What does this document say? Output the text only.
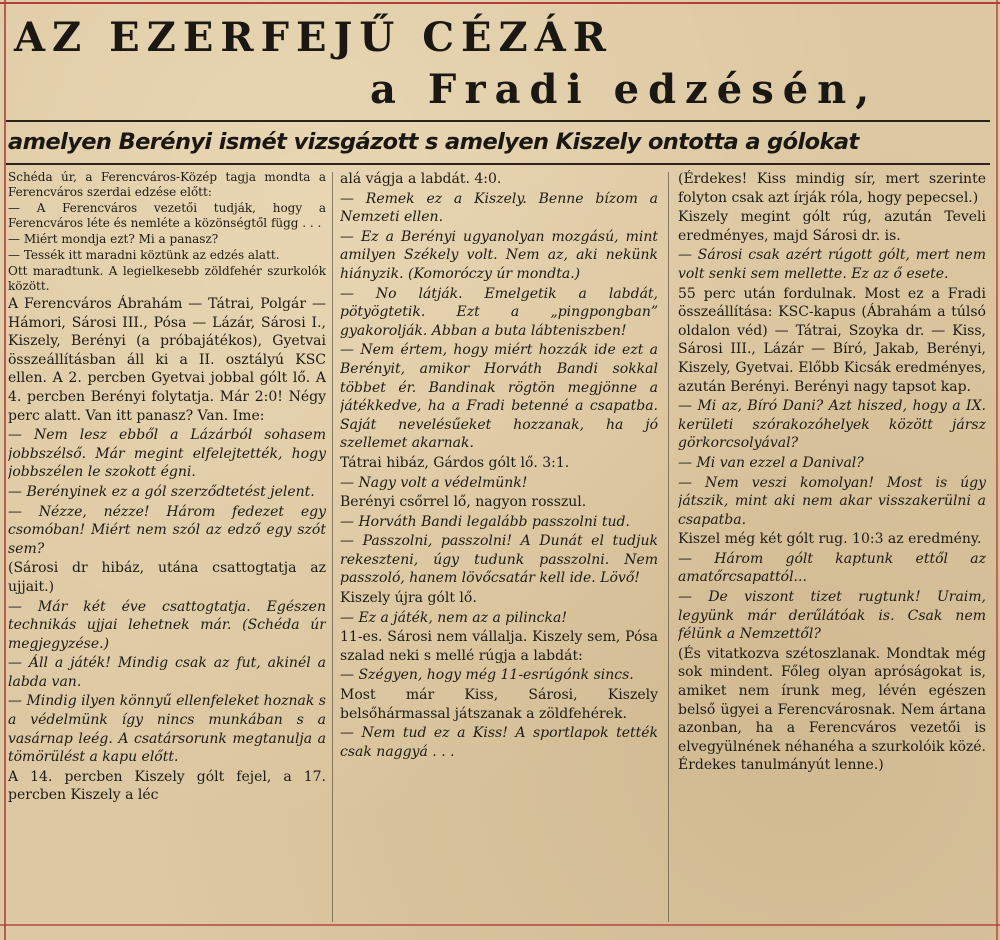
AZ EZERFEJŰ CÉZÁR
a Fradi edzésén,
amelyen Berényi ismét vizsgázott s amelyen Kiszely ontotta a gólokat

Schéda úr, a Ferencváros-Közép tagja mondta a Ferencváros szerdai edzése előtt:

— A Ferencváros vezetői tudják, hogy a Ferencváros léte és nemléte a közönségtől függ . . .

— Miért mondja ezt? Mi a panasz?

— Tessék itt maradni köztünk az edzés alatt.

Ott maradtunk. A legielkesebb zöldfehér szurkolók között.

A Ferencváros Ábrahám — Tátrai, Polgár — Hámori, Sárosi III., Pósa — Lázár, Sárosi I., Kiszely, Berényi (a próbajátékos), Gyetvai összeállításban áll ki a II. osztályú KSC ellen. A 2. percben Gyetvai jobbal gólt lő. A 4. percben Berényi folytatja. Már 2:0! Négy perc alatt. Van itt panasz? Van. Ime:

— Nem lesz ebből a Lázárból sohasem jobbszélső. Már megint elfelejtették, hogy jobbszélen le szokott égni.

— Berényinek ez a gól szerződtetést jelent.

— Nézze, nézze! Három fedezet egy csomóban! Miért nem szól az edző egy szót sem?

(Sárosi dr hibáz, utána csattogtatja az ujjait.)

— Már két éve csattogtatja. Egészen technikás ujjai lehetnek már. (Schéda úr megjegyzése.)

— Áll a játék! Mindig csak az fut, akinél a labda van.

— Mindig ilyen könnyű ellenfeleket hoznak s a védelmünk így nincs munkában s a vasárnap leég. A csatársorunk megtanulja a tömörülést a kapu előtt.

A 14. percben Kiszely gólt fejel, a 17. percben Kiszely a léc

alá vágja a labdát. 4:0.

— Remek ez a Kiszely. Benne bízom a Nemzeti ellen.

— Ez a Berényi ugyanolyan mozgású, mint amilyen Székely volt. Nem az, aki nekünk hiányzik. (Komoróczy úr mondta.)

— No látják. Emelgetik a labdát, pötyögtetik. Ezt a „pingpongban” gyakorolják. Abban a buta lábteniszben!

— Nem értem, hogy miért hozzák ide ezt a Berényit, amikor Horváth Bandi sokkal többet ér. Bandinak rögtön megjönne a játékkedve, ha a Fradi betenné a csapatba. Saját nevelésűeket hozzanak, ha jó szellemet akarnak.

Tátrai hibáz, Gárdos gólt lő. 3:1.

— Nagy volt a védelmünk!

Berényi csőrrel lő, nagyon rosszul.

— Horváth Bandi legalább passzolni tud.

— Passzolni, passzolni! A Dunát el tudjuk rekeszteni, úgy tudunk passzolni. Nem passzoló, hanem lövőcsatár kell ide. Lövő!

Kiszely újra gólt lő.

— Ez a játék, nem az a pilincka!

11-es. Sárosi nem vállalja. Kiszely sem, Pósa szalad neki s mellé rúgja a labdát:

— Szégyen, hogy még 11-esrúgónk sincs.

Most már Kiss, Sárosi, Kiszely belsőhármassal játszanak a zöldfehérek.

— Nem tud ez a Kiss! A sportlapok tették csak naggyá . . .

(Érdekes! Kiss mindig sír, mert szerinte folyton csak azt írják róla, hogy pepecsel.)

Kiszely megint gólt rúg, azután Teveli eredményes, majd Sárosi dr. is.

— Sárosi csak azért rúgott gólt, mert nem volt senki sem mellette. Ez az ő esete.

55 perc után fordulnak. Most ez a Fradi összeállítása: KSC-kapus (Ábrahám a túlsó oldalon véd) — Tátrai, Szoyka dr. — Kiss, Sárosi III., Lázár — Bíró, Jakab, Berényi, Kiszely, Gyetvai. Előbb Kicsák eredményes, azután Berényi. Berényi nagy tapsot kap.

— Mi az, Bíró Dani? Azt hiszed, hogy a IX. kerületi szórakozóhelyek között jársz görkorcsolyával?

— Mi van ezzel a Danival?

— Nem veszi komolyan! Most is úgy játszik, mint aki nem akar visszakerülni a csapatba.

Kiszel még két gólt rug. 10:3 az eredmény.

— Három gólt kaptunk ettől az amatőrcsapattól...

— De viszont tizet rugtunk! Uraim, legyünk már derűlátóak is. Csak nem félünk a Nemzettől?

(És vitatkozva szétoszlanak. Mondtak még sok mindent. Főleg olyan apróságokat is, amiket nem írunk meg, lévén egészen belső ügyei a Ferencvárosnak. Nem ártana azonban, ha a Ferencváros vezetői is elvegyülnének néhanéha a szurkolóik közé. Érdekes tanulmányút lenne.)
